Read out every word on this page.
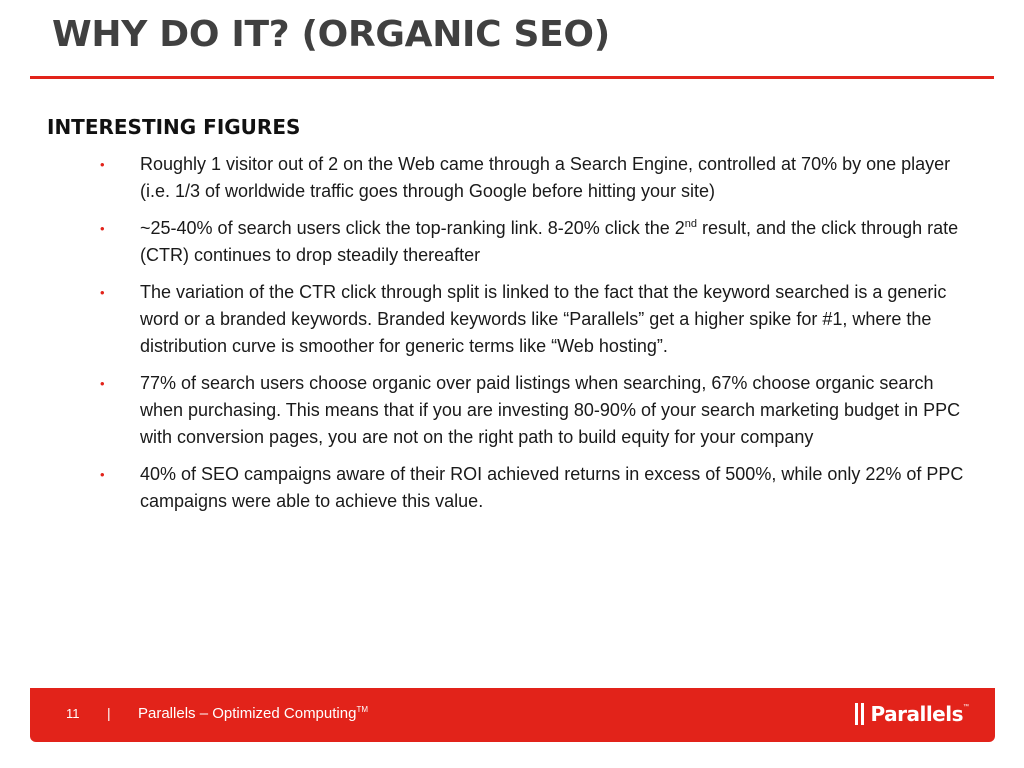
WHY DO IT? (ORGANIC SEO)
INTERESTING FIGURES
• Roughly 1 visitor out of 2 on the Web came through a Search Engine, controlled at 70% by one player (i.e. 1/3 of worldwide traffic goes through Google before hitting your site)
• ~25-40% of search users click the top-ranking link. 8-20% click the 2nd result, and the click through rate (CTR) continues to drop steadily thereafter
• The variation of the CTR click through split is linked to the fact that the keyword searched is a generic word or a branded keywords. Branded keywords like “Parallels” get a higher spike for #1, where the distribution curve is smoother for generic terms like “Web hosting”.
• 77% of search users choose organic over paid listings when searching, 67% choose organic search when purchasing. This means that if you are investing 80-90% of your search marketing budget in PPC with conversion pages, you are not on the right path to build equity for your company
• 40% of SEO campaigns aware of their ROI achieved returns in excess of 500%, while only 22% of PPC campaigns were able to achieve this value.
11 | Parallels – Optimized Computing™	Parallels ™
